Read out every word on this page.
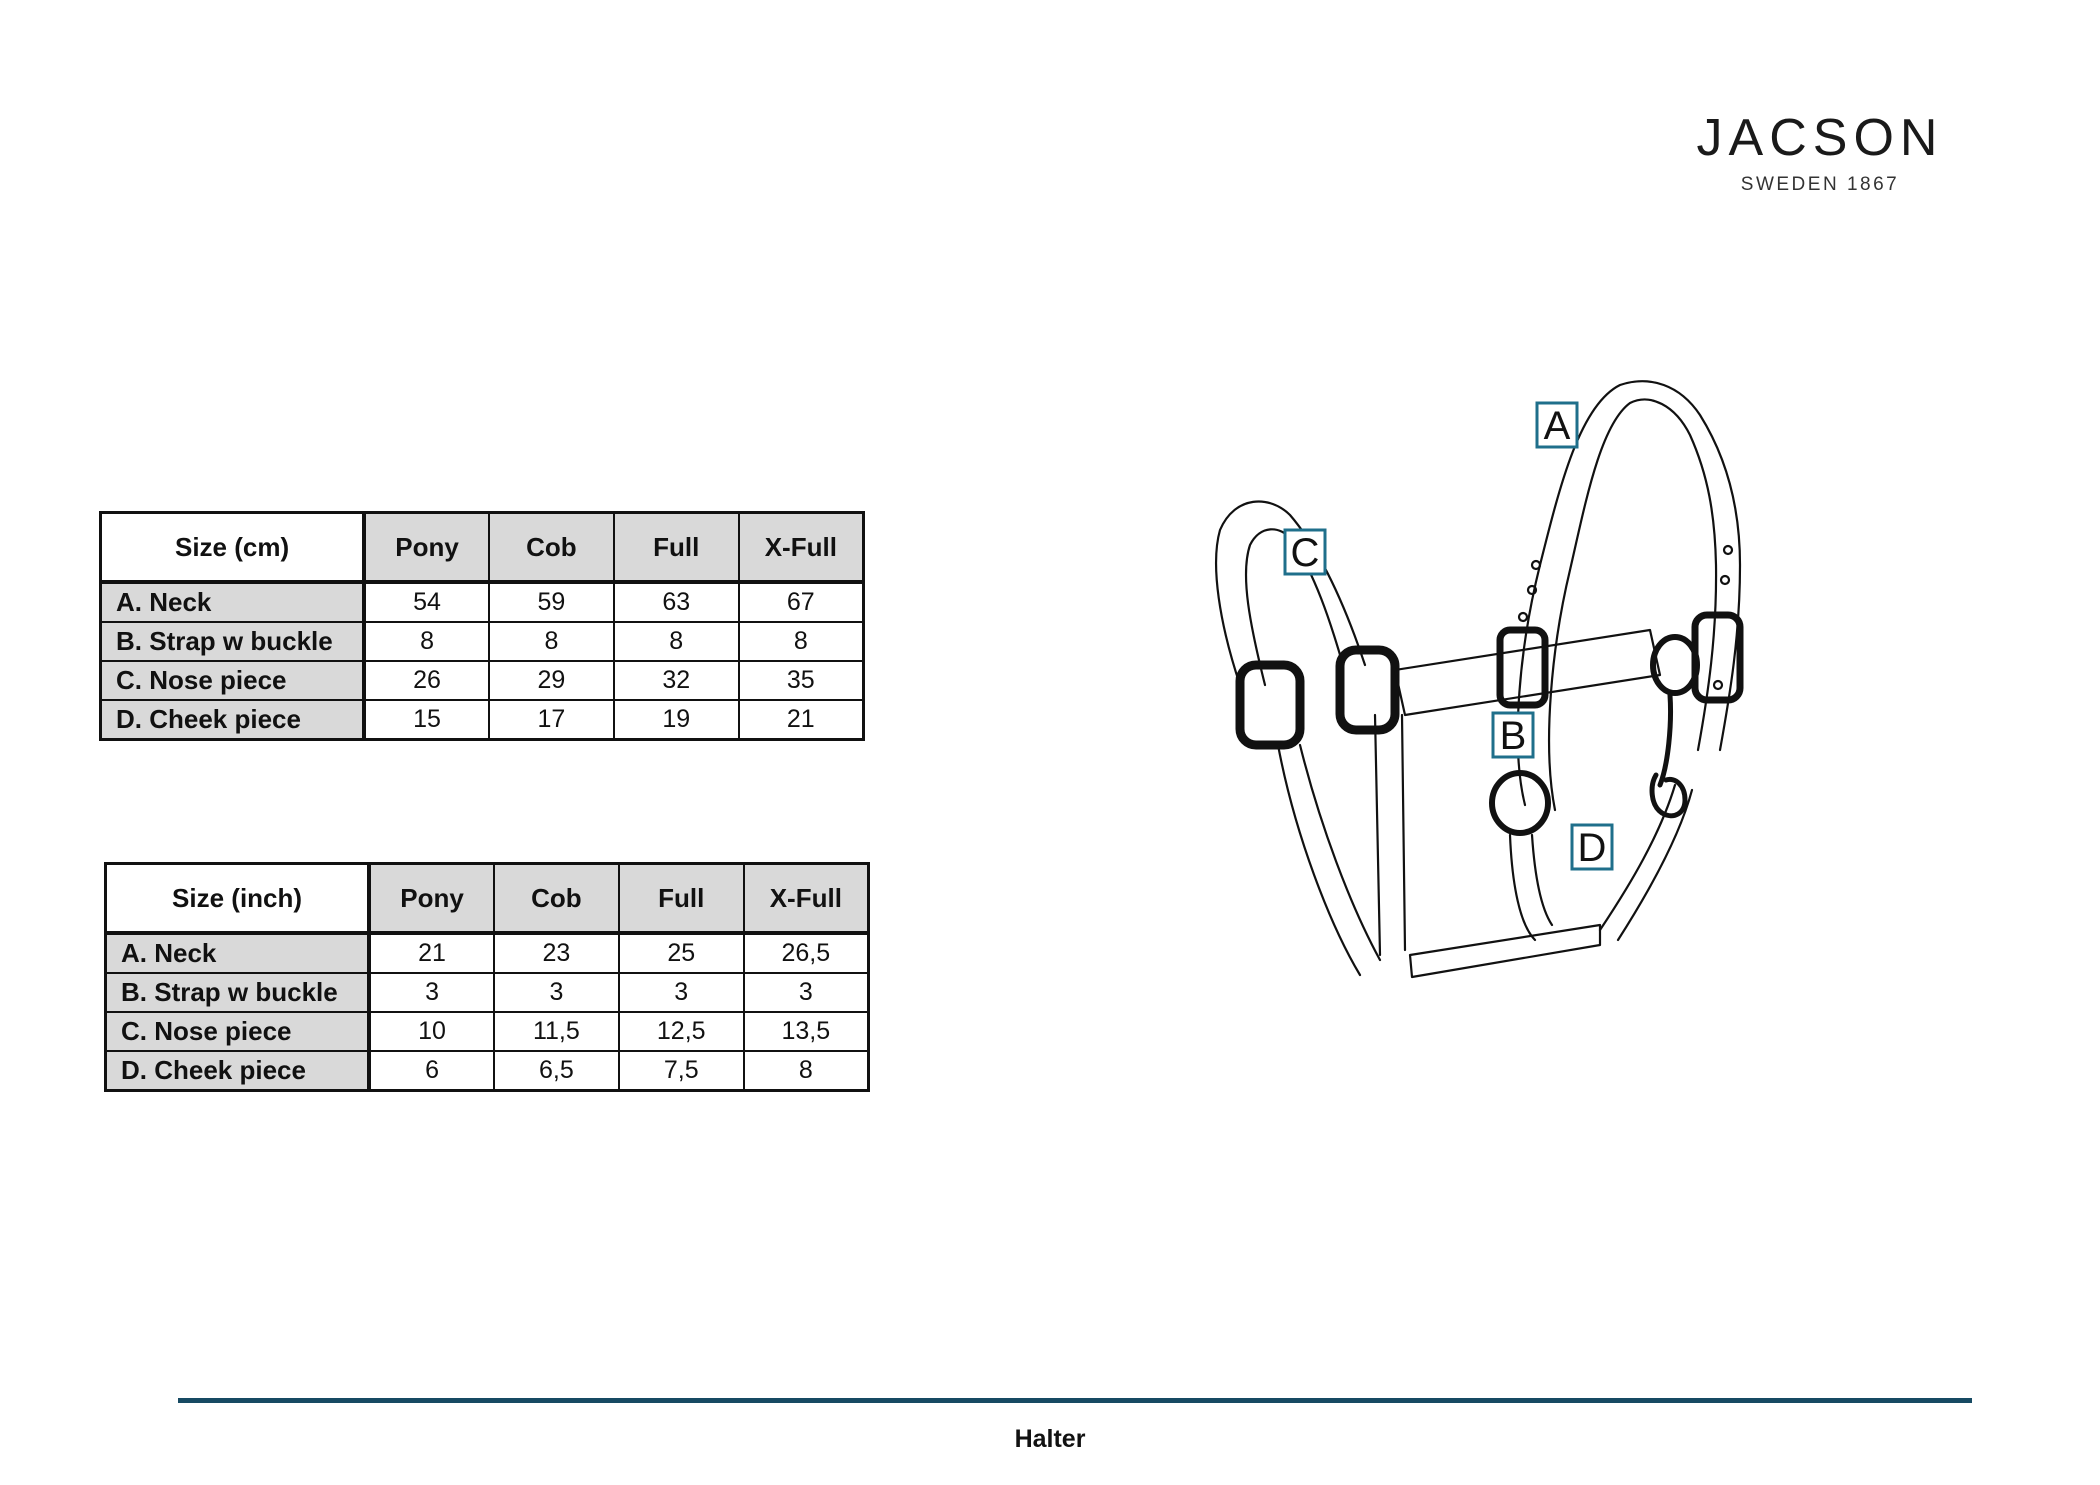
JACSON
SWEDEN 1867
Size (cm)	Pony	Cob	Full	X-Full
A. Neck	54	59	63	67
B. Strap w buckle	8	8	8	8
C. Nose piece	26	29	32	35
D. Cheek piece	15	17	19	21
Size (inch)	Pony	Cob	Full	X-Full
A. Neck	21	23	25	26,5
B. Strap w buckle	3	3	3	3
C. Nose piece	10	11,5	12,5	13,5
D. Cheek piece	6	6,5	7,5	8
A
B
C
D
Halter
